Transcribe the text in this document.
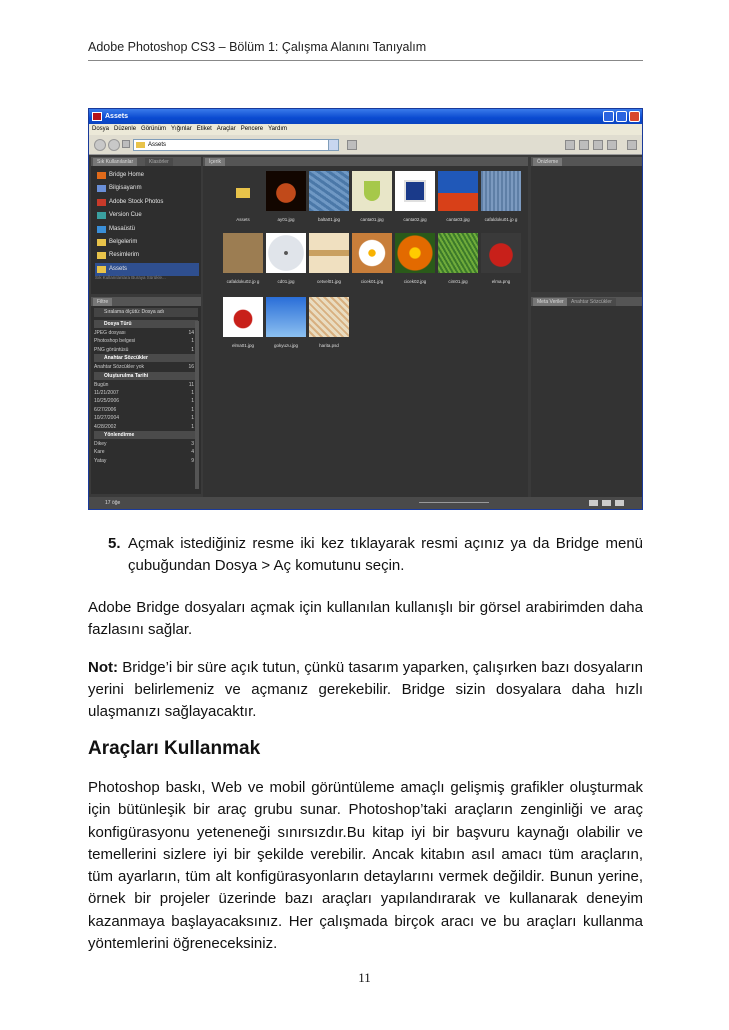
Adobe Photoshop CS3 – Bölüm 1: Çalışma Alanını Tanıyalım
Assets
Dosya Düzenle Görünüm Yığınlar Etiket Araçlar Pencere Yardım
Assets
Sık Kullanılanlar	Klasörler
Bridge Home
Bilgisayarım
Adobe Stock Photos
Version Cue
Masaüstü
Belgelerim
Resimlerim
Assets
Sık Kullanılanlara Buraya Sürükle...
Filtre
Sıralama ölçütü: Dosya adı
Dosya Türü
JPEG dosyası	14
Photoshop belgesi	1
PNG görüntüsü	1
Anahtar Sözcükler
Anahtar Sözcükler yok	16
Oluşturulma Tarihi
Bugün	11
11/21/2007	1
10/25/2006	1
6/27/2006	1
10/27/2004	1
4/28/2002	1
Yönlendirme
Dikey	3
Kare	4
Yatay	9
İçerik
Assets	ay01.jpg	balta01.jpg	canta01.jpg	canta02.jpg	canta03.jpg	cafaldoku01.jp g
cafaldoku02.jp g	cd01.jpg	cetvel01.jpg	cicek01.jpg	cicek02.jpg	cim01.jpg	elma.png
elma01.jpg	gokyuzu.jpg	harita.psd
Önizleme
Meta Veriler	Anahtar Sözcükler
17 öğe
5. Açmak istediğiniz resme iki kez tıklayarak resmi açınız ya da Bridge menü çubuğundan Dosya > Aç komutunu seçin.
Adobe Bridge dosyaları açmak için kullanılan kullanışlı bir görsel arabirimden daha fazlasını sağlar.
Not: Bridge’i bir süre açık tutun, çünkü tasarım yaparken, çalışırken bazı dosyaların yerini belirlemeniz ve açmanız gerekebilir. Bridge sizin dosyalara daha hızlı ulaşmanızı sağlayacaktır.
Araçları Kullanmak
Photoshop baskı, Web ve mobil görüntüleme amaçlı gelişmiş grafikler oluşturmak için bütünleşik bir araç grubu sunar. Photoshop’taki araçların zenginliği ve araç konfigürasyonu yeteneneği sınırsızdır.Bu kitap iyi bir başvuru kaynağı olabilir ve temellerini sizlere iyi bir şekilde verebilir. Ancak kitabın asıl amacı tüm araçların, tüm ayarların, tüm alt konfigürasyonların detaylarını vermek değildir. Bunun yerine, örnek bir projeler üzerinde bazı araçları yapılandırarak ve kullanarak deneyim kazanmaya başlayacaksınız. Her çalışmada birçok aracı ve bu araçları kullanma yöntemlerini öğreneceksiniz.
11
